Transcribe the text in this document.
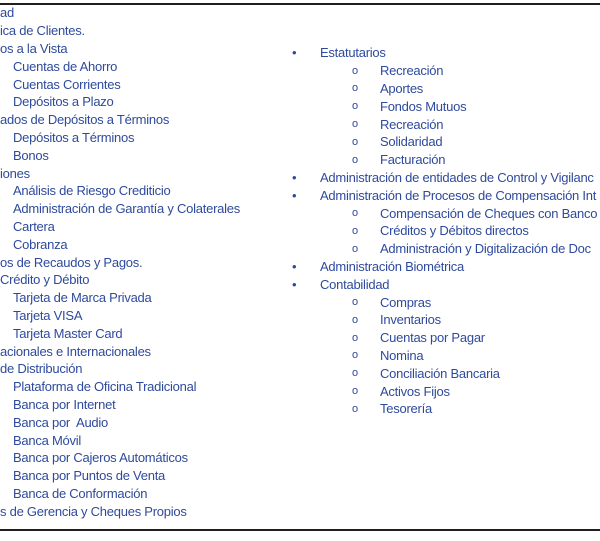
ad
ica de Clientes.
os a la Vista
Cuentas de Ahorro
Cuentas Corrientes
Depósitos a Plazo
ados de Depósitos a Términos
Depósitos a Términos
Bonos
iones
Análisis de Riesgo Crediticio
Administración de Garantía y Colaterales
Cartera
Cobranza
os de Recaudos y Pagos.
Crédito y Débito
Tarjeta de Marca Privada
Tarjeta VISA
Tarjeta Master Card
acionales e Internacionales
de Distribución
Plataforma de Oficina Tradicional
Banca por Internet
Banca por  Audio
Banca Móvil
Banca por Cajeros Automáticos
Banca por Puntos de Venta
Banca de Conformación
s de Gerencia y Cheques Propios
•	Estatutarios
o	Recreación
o	Aportes
o	Fondos Mutuos
o	Recreación
o	Solidaridad
o	Facturación
•	Administración de entidades de Control y Vigilanc
•	Administración de Procesos de Compensación Int
o	Compensación de Cheques con Banco
o	Créditos y Débitos directos
o	Administración y Digitalización de Doc
•	Administración Biométrica
•	Contabilidad
o	Compras
o	Inventarios
o	Cuentas por Pagar
o	Nomina
o	Conciliación Bancaria
o	Activos Fijos
o	Tesorería
